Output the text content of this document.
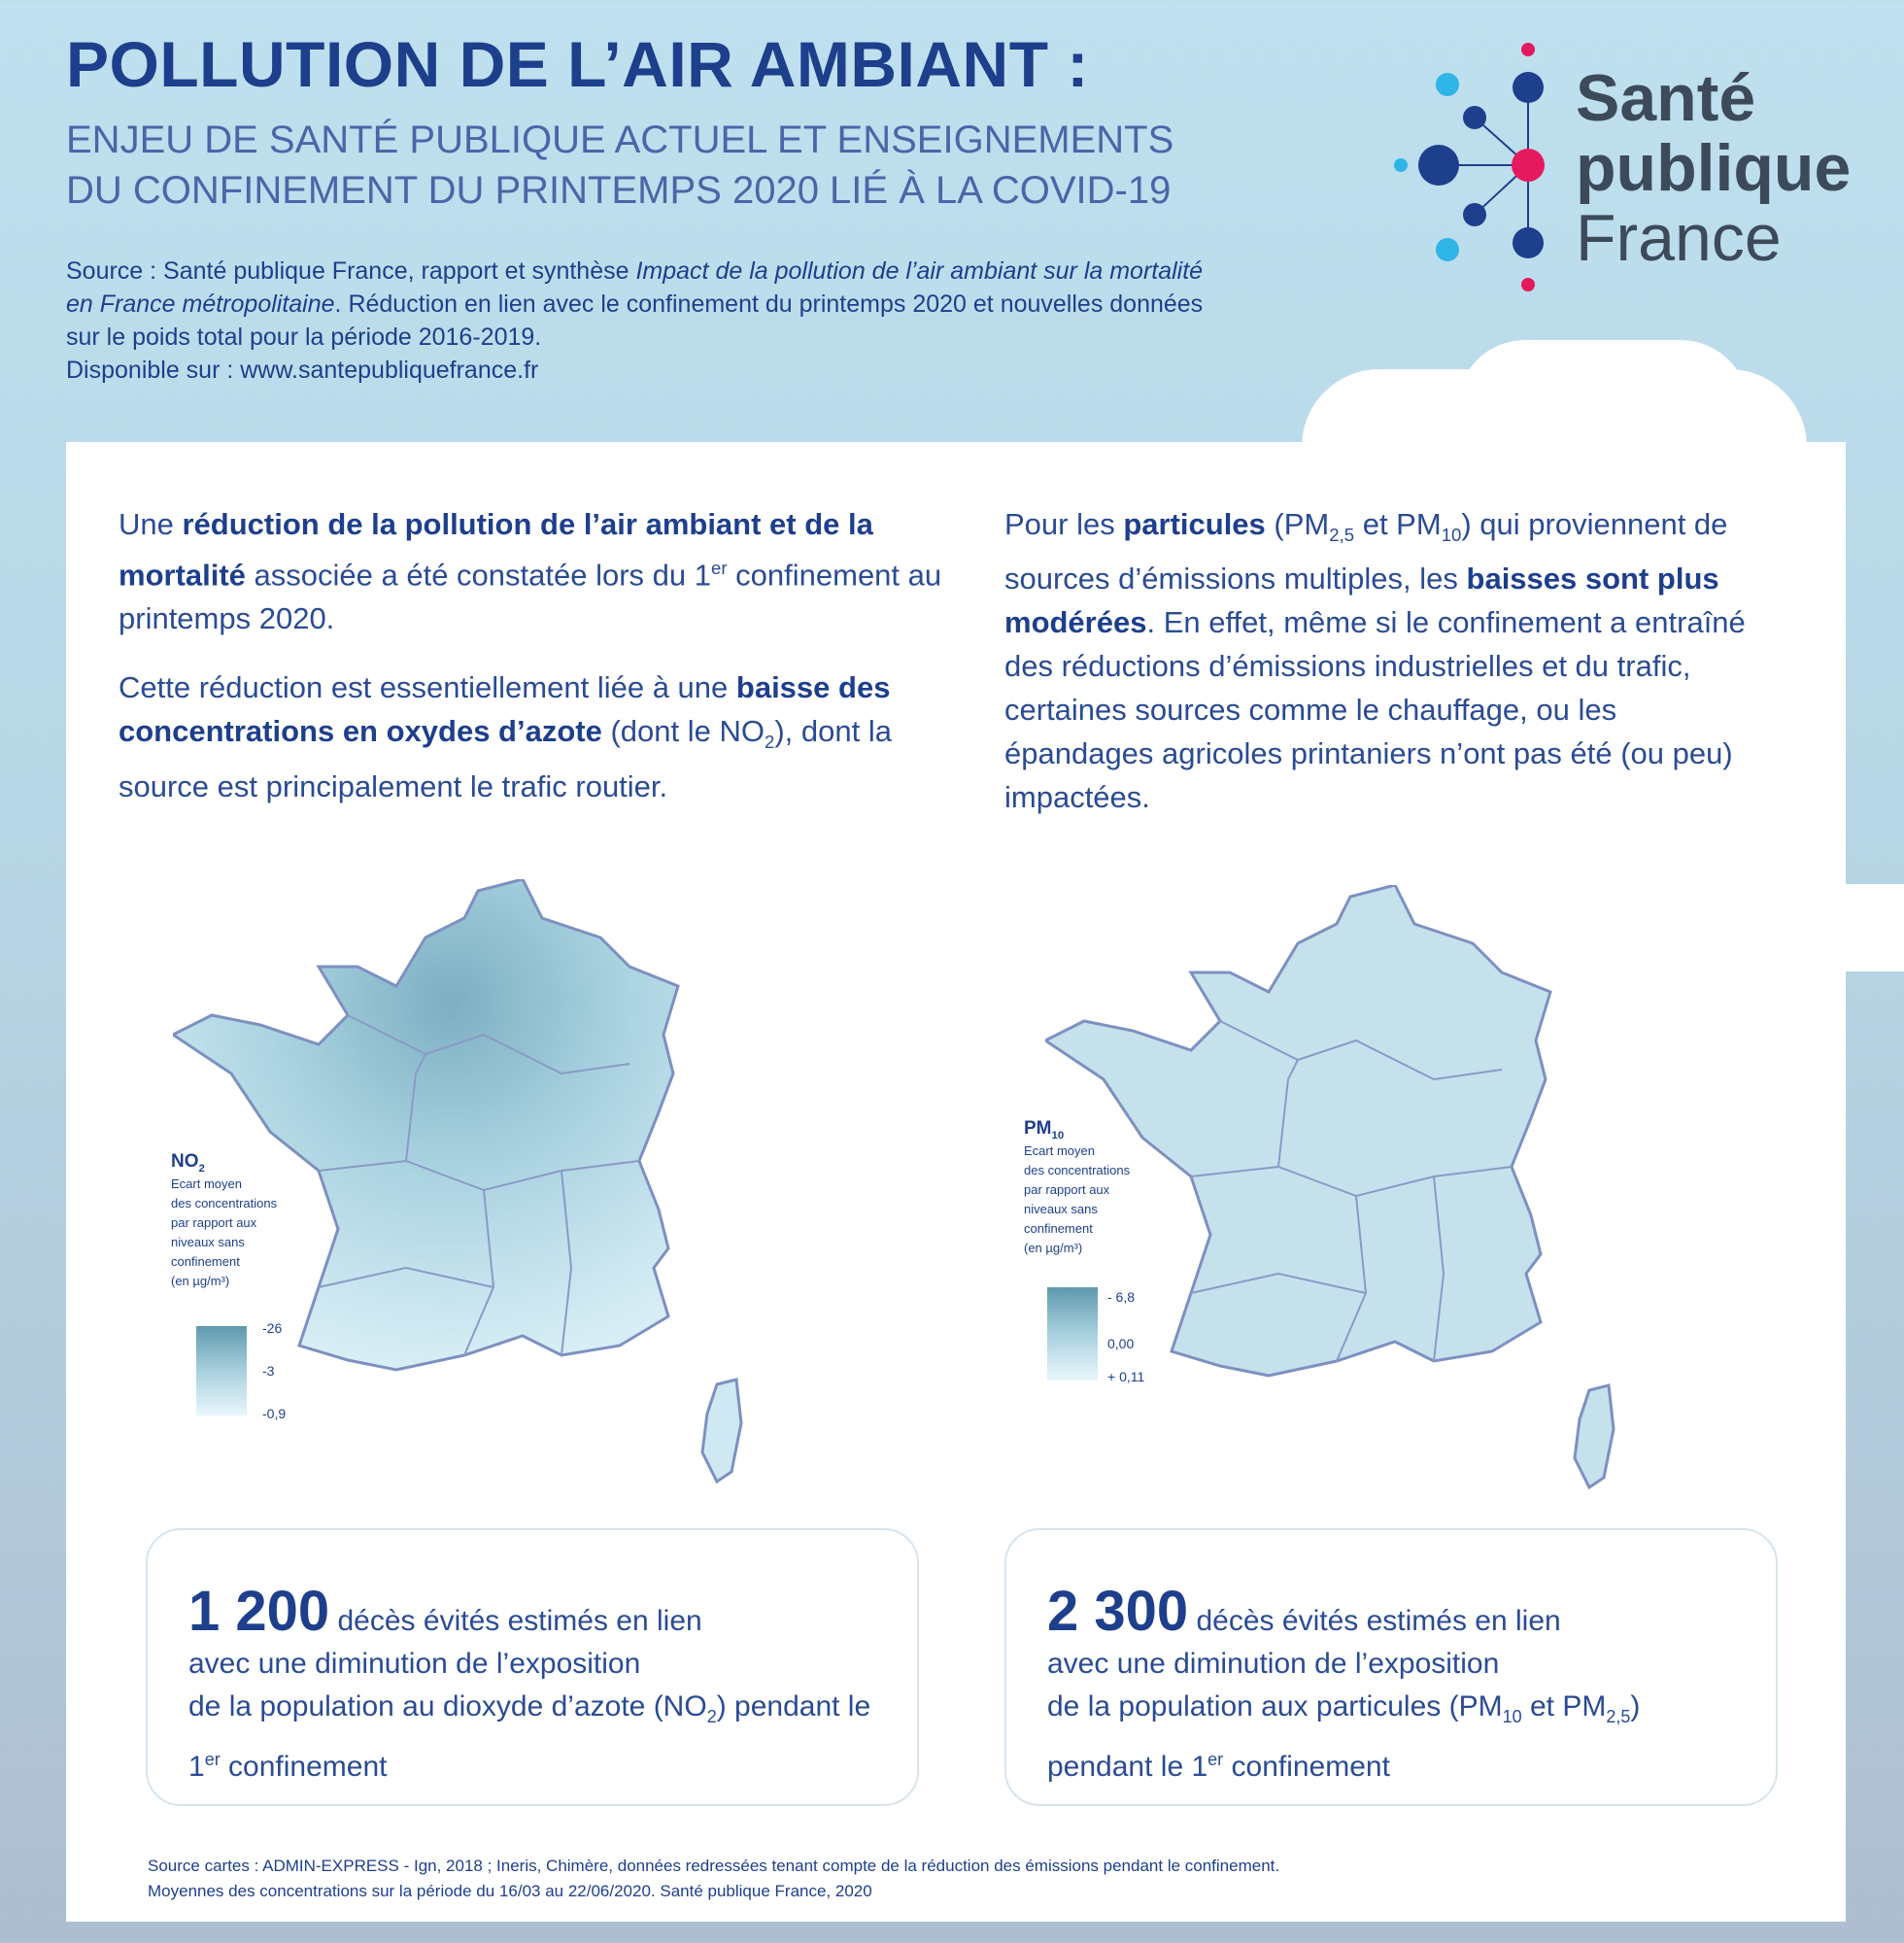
POLLUTION DE L’AIR AMBIANT :
ENJEU DE SANTÉ PUBLIQUE ACTUEL ET ENSEIGNEMENTS
DU CONFINEMENT DU PRINTEMPS 2020 LIÉ À LA COVID-19
Source : Santé publique France, rapport et synthèse Impact de la pollution de l’air ambiant sur la mortalité en France métropolitaine. Réduction en lien avec le confinement du printemps 2020 et nouvelles données sur le poids total pour la période 2016-2019.
Disponible sur : www.santepubliquefrance.fr
Santé
publique
France

Une réduction de la pollution de l’air ambiant et de la mortalité associée a été constatée lors du 1er confinement au printemps 2020.

Cette réduction est essentiellement liée à une baisse des concentrations en oxydes d’azote (dont le $NO_2$), dont la source est principalement le trafic routier.

Pour les particules ($PM_{2,5}$ et $PM_{10}$) qui proviennent de sources d’émissions multiples, les baisses sont plus modérées. En effet, même si le confinement a entraîné des réductions d’émissions industrielles et du trafic, certaines sources comme le chauffage, ou les épandages agricoles printaniers n’ont pas été (ou peu) impactées.

$NO_2$
Ecart moyen
des concentrations
par rapport aux
niveaux sans
confinement
(en µg/m³)
-26
-3
-0,9
$PM_{10}$
Ecart moyen
des concentrations
par rapport aux
niveaux sans
confinement
(en µg/m³)
- 6,8
0,00
+ 0,11
1 200 décès évités estimés en lien
avec une diminution de l’exposition
de la population au dioxyde d’azote $(NO_2)$ pendant le
1er confinement
2 300 décès évités estimés en lien
avec une diminution de l’exposition
de la population aux particules ($PM_{10}$ et $PM_{2,5}$)
pendant le 1er confinement
Source cartes : ADMIN-EXPRESS - Ign, 2018 ; Ineris, Chimère, données redressées tenant compte de la réduction des émissions pendant le confinement.
Moyennes des concentrations sur la période du 16/03 au 22/06/2020. Santé publique France, 2020
